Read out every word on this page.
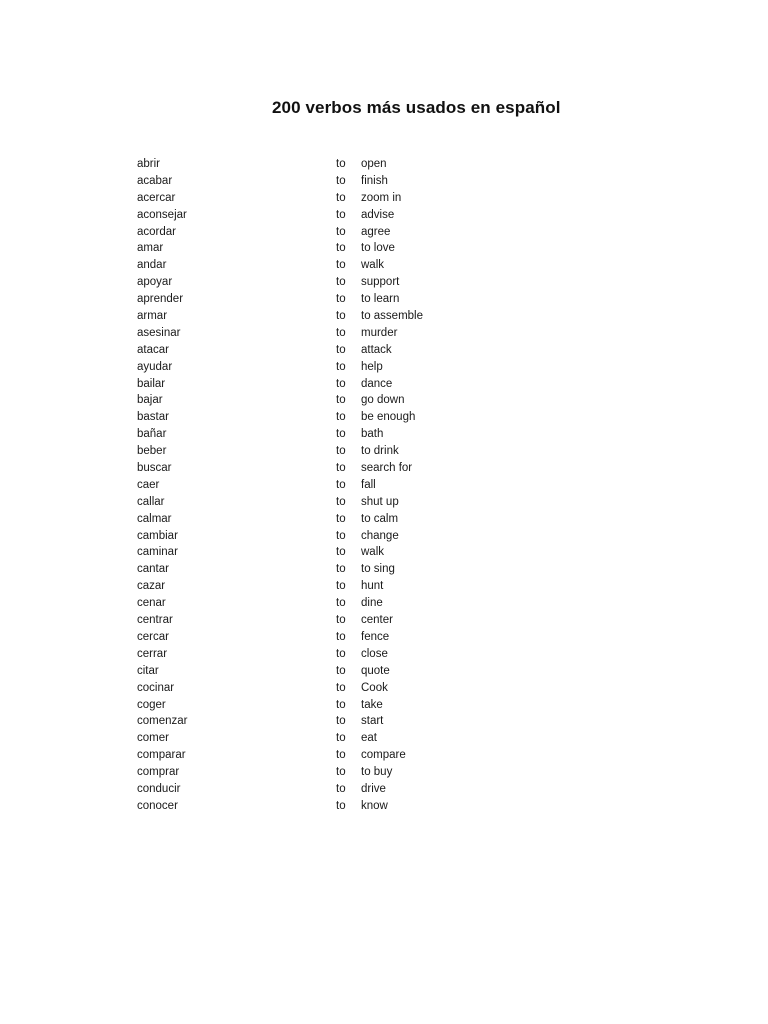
200 verbos más usados en español
abrir	to open
acabar	to finish
acercar	to zoom in
aconsejar	to advise
acordar	to agree
amar	to to love
andar	to walk
apoyar	to support
aprender	to to learn
armar	to to assemble
asesinar	to murder
atacar	to attack
ayudar	to help
bailar	to dance
bajar	to go down
bastar	to be enough
bañar	to bath
beber	to to drink
buscar	to search for
caer	to fall
callar	to shut up
calmar	to to calm
cambiar	to change
caminar	to walk
cantar	to to sing
cazar	to hunt
cenar	to dine
centrar	to center
cercar	to fence
cerrar	to close
citar	to quote
cocinar	to Cook
coger	to take
comenzar	to start
comer	to eat
comparar	to compare
comprar	to to buy
conducir	to drive
conocer	to know
